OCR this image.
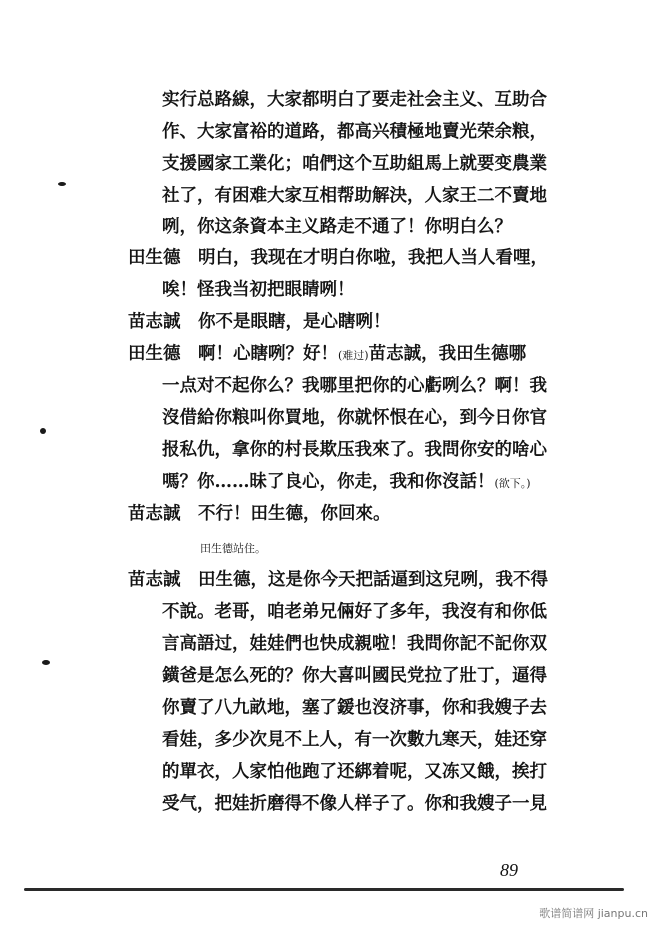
实行总路線，大家都明白了要走社会主义、互助合
作、大家富裕的道路，都高兴積極地賣光荣余粮，
支援國家工業化；咱們这个互助組馬上就要变農業
社了，有困难大家互相帮助解決，人家王二不賣地
咧，你这条資本主义路走不通了！你明白么？
田生德 明白，我现在才明白你啦，我把人当人看哩，
唉！怪我当初把眼睛咧！
苗志誠 你不是眼瞎，是心瞎咧！
田生德 啊！心瞎咧？好！(难过)苗志誠，我田生德哪
一点对不起你么？我哪里把你的心虧咧么？啊！我
沒借給你粮叫你買地，你就怀恨在心，到今日你官
报私仇，拿你的村長欺压我來了。我問你安的啥心
嗎？你……昧了良心，你走，我和你沒話！(欲下。)
苗志誠 不行！田生德，你回來。
田生德站住。
苗志誠 田生德，这是你今天把話逼到这兒咧，我不得
不說。老哥，咱老弟兄倆好了多年，我沒有和你低
言高語过，娃娃們也快成親啦！我問你記不記你双
鐄爸是怎么死的？你大喜叫國民党拉了壯丁，逼得
你賣了八九畝地，塞了鍰也沒济事，你和我嫂子去
看娃，多少次見不上人，有一次數九寒天，娃还穿
的單衣，人家怕他跑了还綁着呢，又冻又餓，挨打
受气，把娃折磨得不像人样子了。你和我嫂子一見
89
歌谱简谱网 jianpu.cn
